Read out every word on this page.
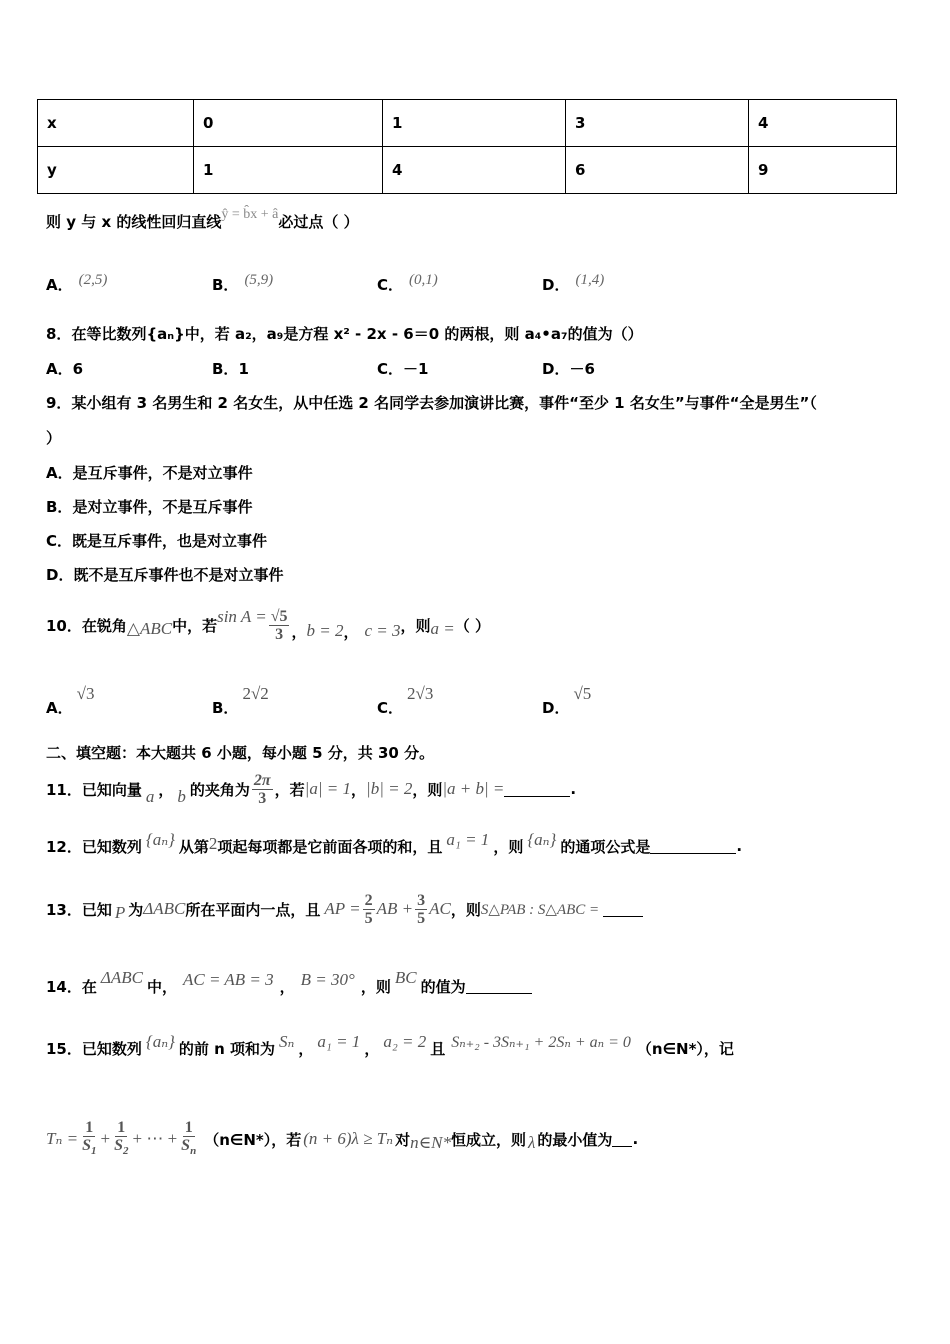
x	0	1	3	4
y	1	4	6	9
则 y 与 x 的线性回归直线ŷ = b̂x + â必过点（ ）
A． (2,5)	B． (5,9)	C． (0,1)	D． (1,4)
8．在等比数列{aₙ}中，若 a₂，a₉是方程 x² - 2x - 6＝0 的两根，则 a₄•a₇的值为（）
A．6	B．1	C．－1	D．－6
9．某小组有 3 名男生和 2 名女生，从中任选 2 名同学去参加演讲比赛，事件“至少 1 名女生”与事件“全是男生”（
）
A．是互斥事件，不是对立事件
B．是对立事件，不是互斥事件
C．既是互斥事件，也是对立事件
D．既不是互斥事件也不是对立事件
10． 在锐角 △ABC 中，若 $\sin A = \frac{√5}{3}$ ， b = 2 ， c = 3 ，则 a = （ ）
A．√3
B．2√2
C．2√3
D．√5
二、填空题：本大题共 6 小题，每小题 5 分，共 30 分。
11． 已知向量 a ， b 的夹角为 $\frac{2\pi}{3}$ ，若 |a| = 1 ， |b| = 2 ，则 |a + b| =	.
12． 已知数列 {aₙ} 从第 2 项起每项都是它前面各项的和，且 a₁ = 1 ，则 {aₙ} 的通项公式是	.
13． 已知 P 为 ΔABC 所在平面内一点，且 AP = $\frac{2}{5}$ AB + $\frac{3}{5}$ AC ，则 S△PAB : S△ABC =
14． 在 ΔABC 中， AC = AB = 3 ， B = 30° ，则 BC 的值为
15． 已知数列 {aₙ} 的前 n 项和为 Sₙ ， a₁ = 1 ， a₂ = 2 且 Sₙ₊₂ - 3Sₙ₊₁ + 2Sₙ + aₙ = 0 （n∈N*），记
$T_n = \frac{1}{S_1} + \frac{1}{S_2}$ + ⋯ + $\frac{1}{S_n}$ （n∈N*），若 (n + 6)λ ≥ Tₙ 对 n∈N* 恒成立，则 λ 的最小值为 .
